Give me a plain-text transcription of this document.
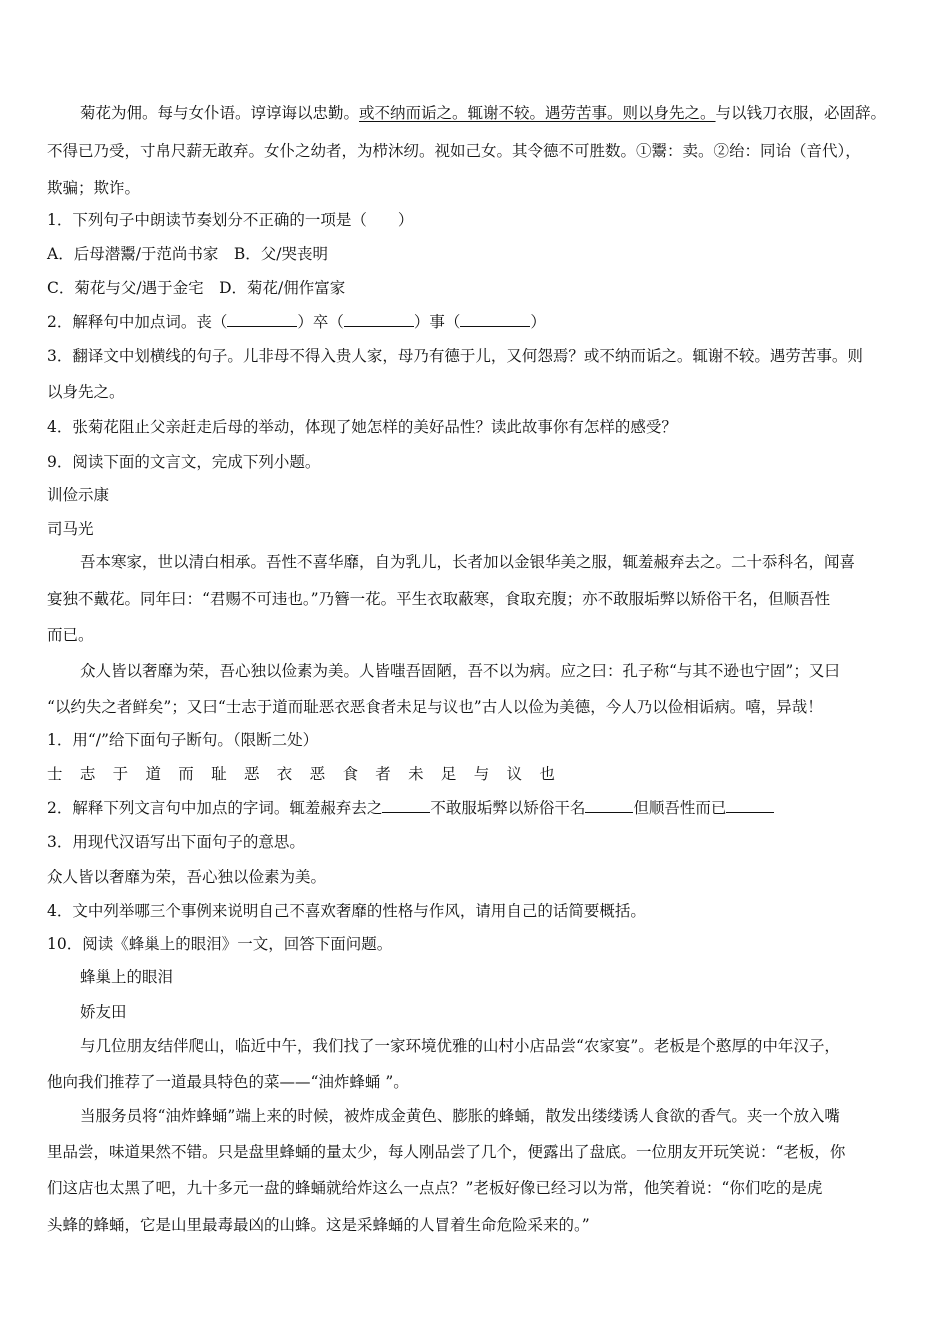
菊花为佣。每与女仆语。谆谆诲以忠勤。或不纳而诟之。辄谢不较。遇劳苦事。则以身先之。与以钱刀衣服，必固辞。
不得已乃受，寸帛尺薪无敢弃。女仆之幼者，为栉沐纫。视如己女。其令德不可胜数。①鬻：卖。②绐：同诒（音代），
欺骗；欺诈。
1．下列句子中朗读节奏划分不正确的一项是（　　）
A．后母潜鬻/于范尚书家　B．父/哭丧明
C．菊花与父/遇于金宅　D．菊花/佣作富家
2．解释句中加点词。丧（	）卒（	）事（	）
3．翻译文中划横线的句子。儿非母不得入贵人家，母乃有德于儿，又何怨焉？或不纳而诟之。辄谢不较。遇劳苦事。则
以身先之。
4．张菊花阻止父亲赶走后母的举动，体现了她怎样的美好品性？读此故事你有怎样的感受？
9．阅读下面的文言文，完成下列小题。
训俭示康
司马光
吾本寒家，世以清白相承。吾性不喜华靡，自为乳儿，长者加以金银华美之服，辄羞赧弃去之。二十忝科名，闻喜
宴独不戴花。同年曰：“君赐不可违也。”乃簪一花。平生衣取蔽寒，食取充腹；亦不敢服垢弊以矫俗干名，但顺吾性
而已。
众人皆以奢靡为荣，吾心独以俭素为美。人皆嗤吾固陋，吾不以为病。应之曰：孔子称“与其不逊也宁固”；又曰
“以约失之者鲜矣”；又曰“士志于道而耻恶衣恶食者未足与议也”古人以俭为美德，今人乃以俭相诟病。嘻，异哉！
1．用“/”给下面句子断句。（限断二处）
士 志 于 道 而 耻 恶 衣 恶 食 者 未 足 与 议 也
2．解释下列文言句中加点的字词。辄羞赧弃去之	不敢服垢弊以矫俗干名	但顺吾性而已
3．用现代汉语写出下面句子的意思。
众人皆以奢靡为荣，吾心独以俭素为美。
4．文中列举哪三个事例来说明自己不喜欢奢靡的性格与作风，请用自己的话简要概括。
10．阅读《蜂巢上的眼泪》一文，回答下面问题。
蜂巢上的眼泪
娇友田
与几位朋友结伴爬山，临近中午，我们找了一家环境优雅的山村小店品尝“农家宴”。老板是个憨厚的中年汉子，
他向我们推荐了一道最具特色的菜——“油炸蜂蛹 ”。
当服务员将“油炸蜂蛹”端上来的时候，被炸成金黄色、膨胀的蜂蛹，散发出缕缕诱人食欲的香气。夹一个放入嘴
里品尝，味道果然不错。只是盘里蜂蛹的量太少，每人刚品尝了几个，便露出了盘底。一位朋友开玩笑说：“老板，你
们这店也太黑了吧，九十多元一盘的蜂蛹就给炸这么一点点？”老板好像已经习以为常，他笑着说：“你们吃的是虎
头蜂的蜂蛹，它是山里最毒最凶的山蜂。这是采蜂蛹的人冒着生命危险采来的。”
